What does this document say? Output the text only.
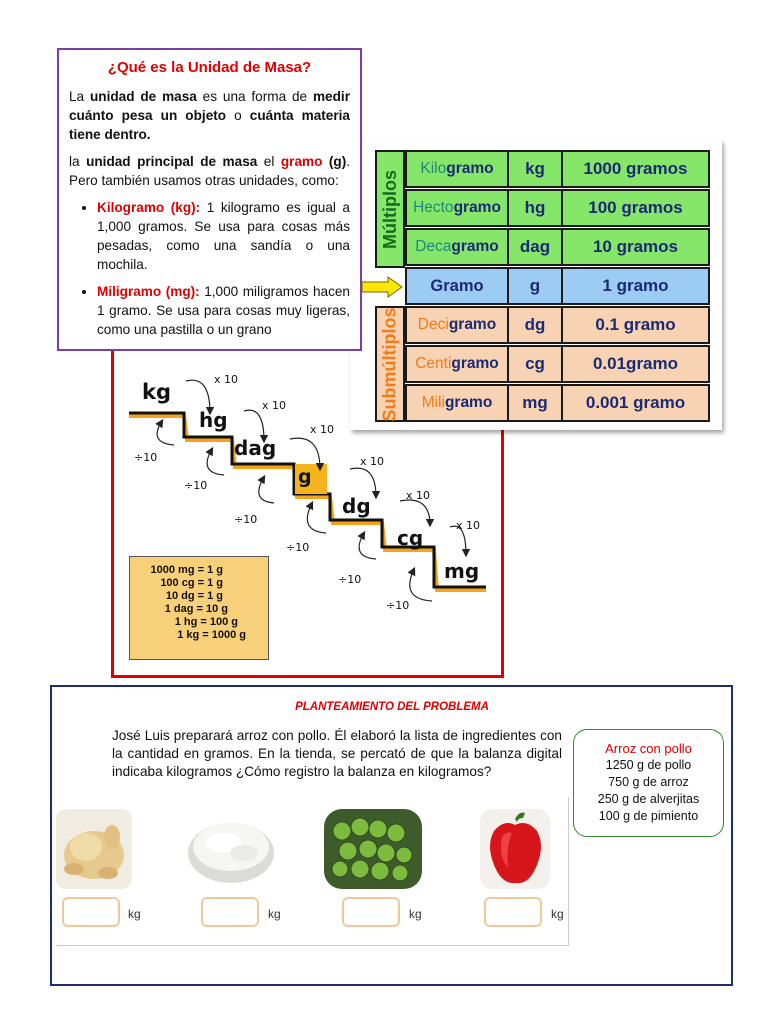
¿Qué es la Unidad de Masa?

La unidad de masa es una forma de medir cuánto pesa un objeto o cuánta materia tiene dentro.

la unidad principal de masa el gramo (g). Pero también usamos otras unidades, como:

• Kilogramo (kg): 1 kilogramo es igual a 1,000 gramos. Se usa para cosas más pesadas, como una sandía o una mochila.
• Miligramo (mg): 1,000 miligramos hacen 1 gramo. Se usa para cosas muy ligeras, como una pastilla o un grano
Múltiplos
Submúltiplos
Kilo gramo	kg	1000 gramos
Hecto gramo	hg	100 gramos
Deca gramo	dag	10 gramos
Gramo	g	1 gramo
Deci gramo	dg	0.1 gramo
Centi gramo	cg	0.01gramo
Mili gramo	mg	0.001 gramo
kg
hg
dag
g
dg
cg
mg
x 10
x 10
x 10
x 10
x 10
x 10
÷10
÷10
÷10
÷10
÷10
÷10
1000 mg = 1 g
100 cg = 1 g
10 dg = 1 g
1 dag = 10 g
1 hg = 100 g
1 kg = 1000 g
PLANTEAMIENTO DEL PROBLEMA
José Luis preparará arroz con pollo. Él elaboró la lista de ingredientes con la cantidad en gramos. En la tienda, se percató de que la balanza digital indicaba kilogramos ¿Cómo registro la balanza en kilogramos?
Arroz con pollo
1250 g de pollo
750 g de arroz
250 g de alverjitas
100 g de pimiento
kg	kg	kg	kg
